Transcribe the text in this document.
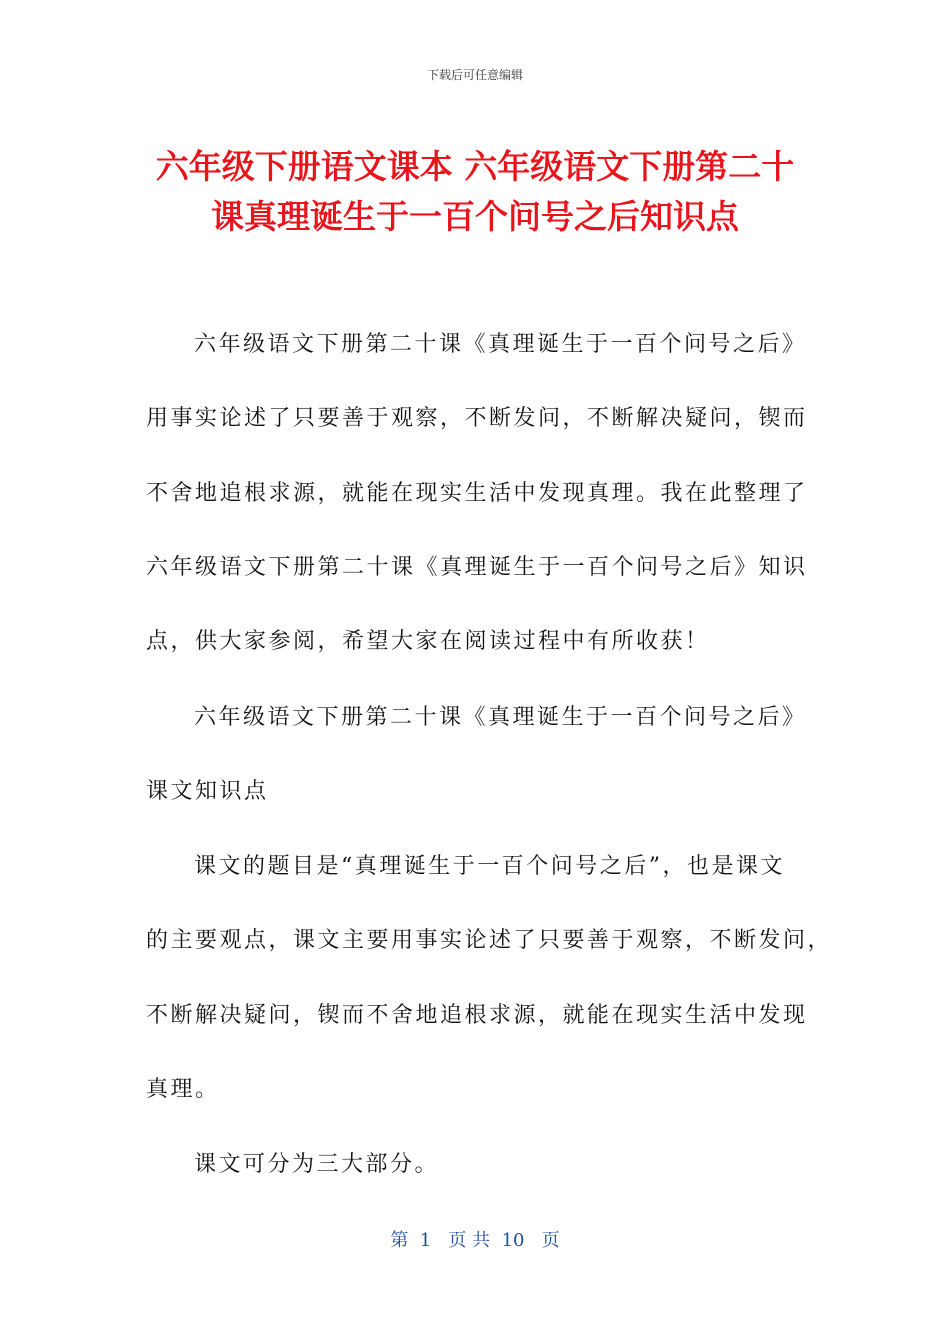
下载后可任意编辑
六年级下册语文课本 六年级语文下册第二十
课真理诞生于一百个问号之后知识点
六年级语文下册第二十课《真理诞生于一百个问号之后》
用事实论述了只要善于观察，不断发问，不断解决疑问，锲而
不舍地追根求源，就能在现实生活中发现真理。我在此整理了
六年级语文下册第二十课《真理诞生于一百个问号之后》知识
点，供大家参阅，希望大家在阅读过程中有所收获！
六年级语文下册第二十课《真理诞生于一百个问号之后》
课文知识点
课文的题目是“真理诞生于一百个问号之后”，也是课文
的主要观点，课文主要用事实论述了只要善于观察，不断发问，
不断解决疑问，锲而不舍地追根求源，就能在现实生活中发现
真理。
课文可分为三大部分。
第  1   页 共  10   页
